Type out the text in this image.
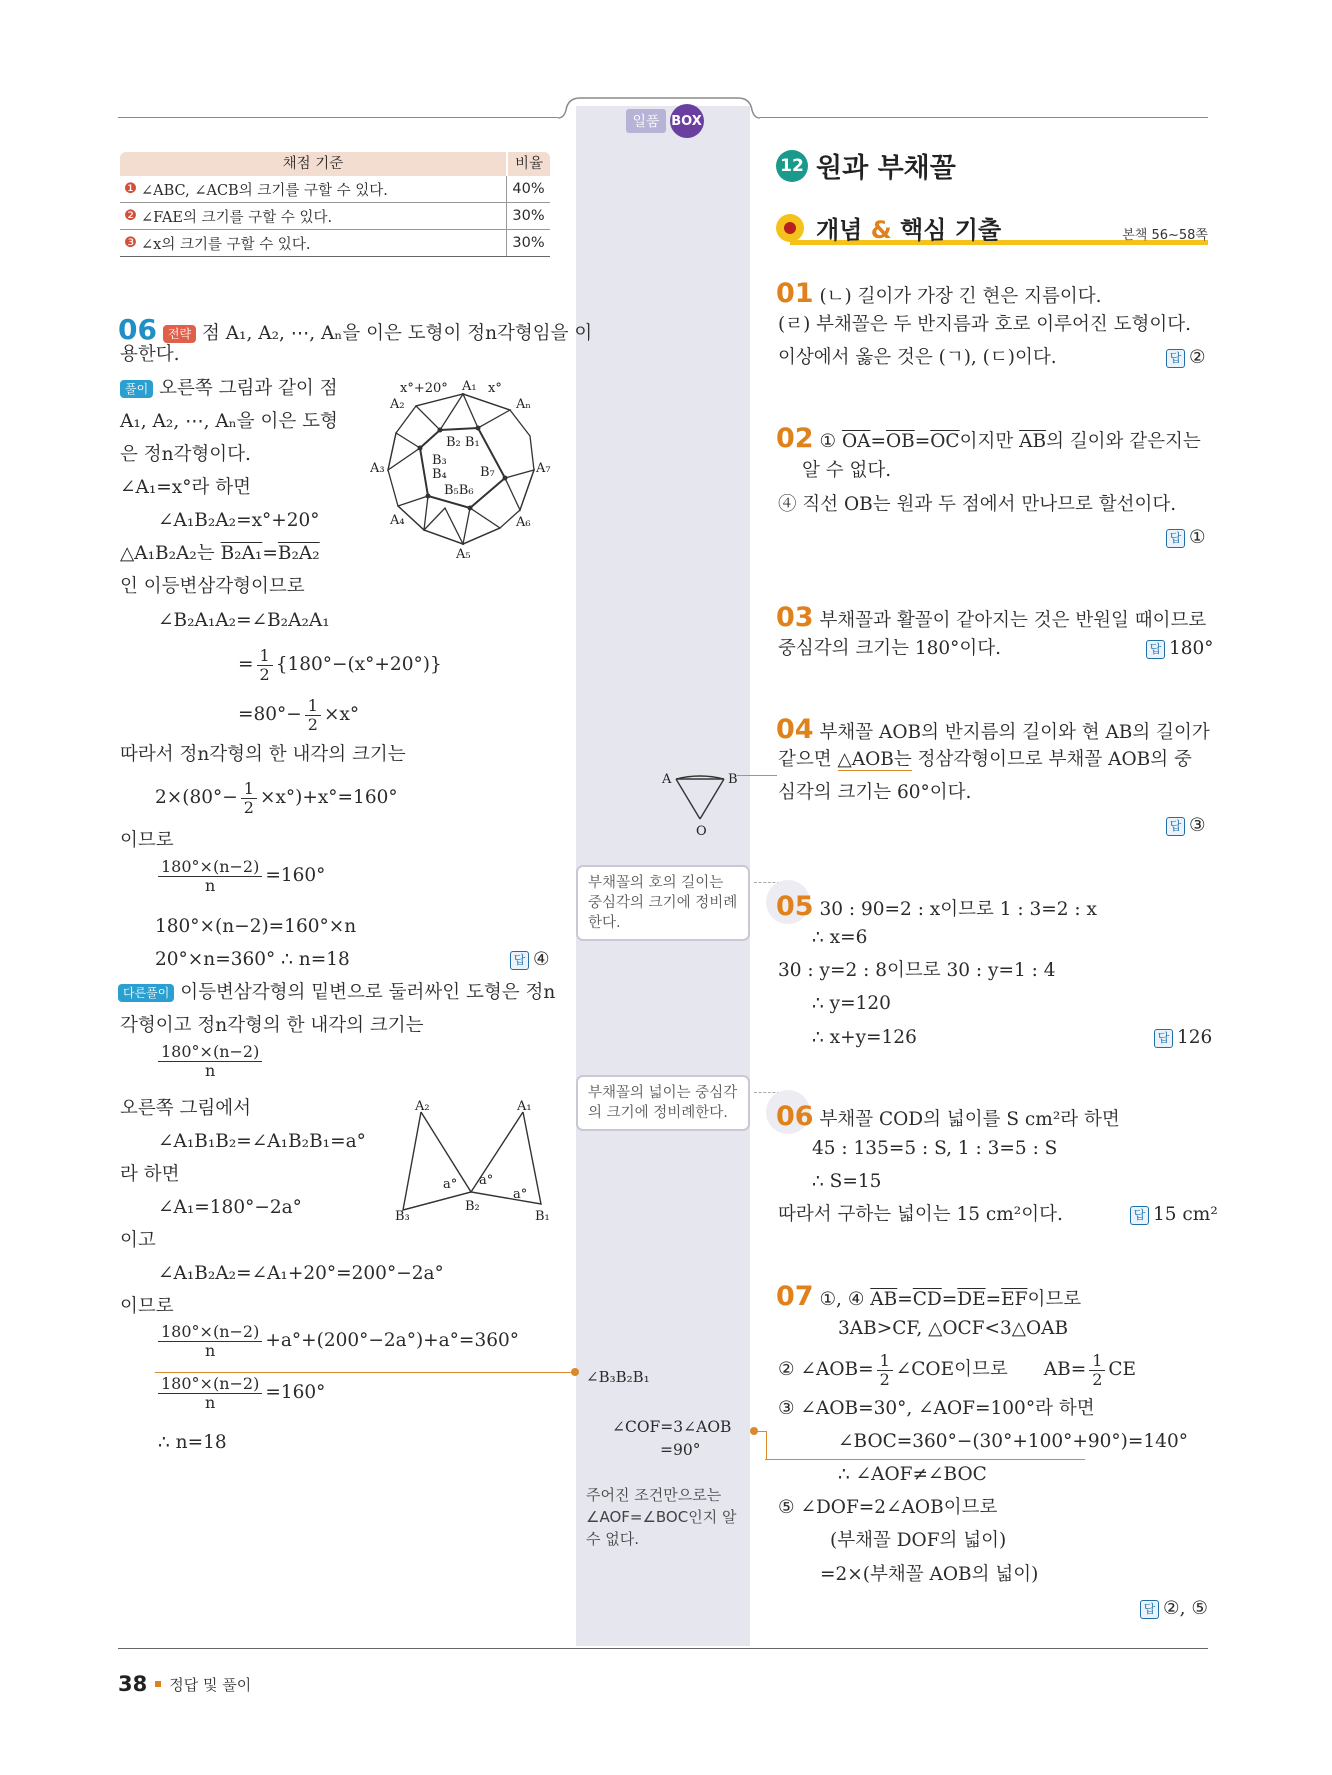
일품 BOX
채점 기준	비율
❶ ∠ABC, ∠ACB의 크기를 구할 수 있다.	40%
❷ ∠FAE의 크기를 구할 수 있다.	30%
❸ ∠x의 크기를 구할 수 있다.	30%
06 전략 점 A₁, A₂, ⋯, Aₙ을 이은 도형이 정n각형임을 이
용한다.
풀이 오른쪽 그림과 같이 점
A₁, A₂, ⋯, Aₙ을 이은 도형
은 정n각형이다.
∠A₁=x°라 하면
∠A₁B₂A₂=x°+20°
△A₁B₂A₂는 B₂A₁=B₂A₂
인 이등변삼각형이므로
∠B₂A₁A₂=∠B₂A₂A₁
= $\frac{1}{2} \{180^\circ-(x^\circ+20^\circ)\}$
$=80^\circ- \frac{1}{2} \times x^\circ$
따라서 정n각형의 한 내각의 크기는
$2\times(80^\circ- \frac{1}{2} \times x^\circ)+x^\circ=160^\circ$
이므로
$\frac{180^\circ\times(n-2)}{n} =160^\circ$
180°×(n−2)=160°×n
20°×n=360° ∴ n=18	답 ④
다른풀이 이등변삼각형의 밑변으로 둘러싸인 도형은 정n
각형이고 정n각형의 한 내각의 크기는
$\frac{180^\circ\times(n-2)}{n}$
오른쪽 그림에서
∠A₁B₁B₂=∠A₁B₂B₁=a°
라 하면
∠A₁=180°−2a°
이고
∠A₁B₂A₂=∠A₁+20°=200°−2a°
이므로
$\frac{180^\circ\times(n-2)}{n} +a^\circ+(200^\circ-2a^\circ)+a^\circ=360^\circ$
$\frac{180^\circ\times(n-2)}{n} =160^\circ$
∴ n=18
x°+20° A₁ x°
A₂	Aₙ
A₃	A₇
A₄	A₆
A₅
B₂ B₁
B₃
B₄	B₇
B₅B₆
A₂	A₁
B₃
B₂
B₁
a° a°
a°
A	B
O
부채꼴의 호의 길이는 중심각의 크기에 정비례한다.
부채꼴의 넓이는 중심각의 크기에 정비례한다.
∠B₃B₂B₁
∠COF=3∠AOB
=90°
주어진 조건만으로는 ∠AOF=∠BOC인지 알 수 없다.
12 원과 부채꼴
개념 & 핵심 기출	본책 56~58쪽
01 (ㄴ) 길이가 가장 긴 현은 지름이다.
(ㄹ) 부채꼴은 두 반지름과 호로 이루어진 도형이다.
이상에서 옳은 것은 (ㄱ), (ㄷ)이다.	답 ②
02 ① $\overline{OA}=\overline{OB}=\overline{OC}$이지만 $\overline{AB}$의 길이와 같은지는
알 수 없다.
④ 직선 OB는 원과 두 점에서 만나므로 할선이다.
답 ①
03 부채꼴과 활꼴이 같아지는 것은 반원일 때이므로
중심각의 크기는 180°이다.	답 180°
04 부채꼴 AOB의 반지름의 길이와 현 AB의 길이가
같으면 △AOB는 정삼각형이므로 부채꼴 AOB의 중
심각의 크기는 60°이다.
답 ③
05 30 : 90=2 : x이므로 1 : 3=2 : x
∴ x=6
30 : y=2 : 8이므로 30 : y=1 : 4
∴ y=120
∴ x+y=126	답 126
06 부채꼴 COD의 넓이를 S cm²라 하면
45 : 135=5 : S, 1 : 3=5 : S
∴ S=15
따라서 구하는 넓이는 15 cm²이다.	답 15 cm²
07 ①, ④ $\overline{AB}=\overline{CD}=\overline{DE}=\overline{EF}$이므로
3AB>CF, △OCF<3△OAB
② ∠AOB= $\frac{1}{2}$ ∠COE이므로 $AB= \frac{1}{2}$ CE
③ ∠AOB=30°, ∠AOF=100°라 하면
∠BOC=360°−(30°+100°+90°)=140°
∴ ∠AOF≠∠BOC
⑤ ∠DOF=2∠AOB이므로
(부채꼴 DOF의 넓이)
=2×(부채꼴 AOB의 넓이)
답 ②, ⑤
38 정답 및 풀이
